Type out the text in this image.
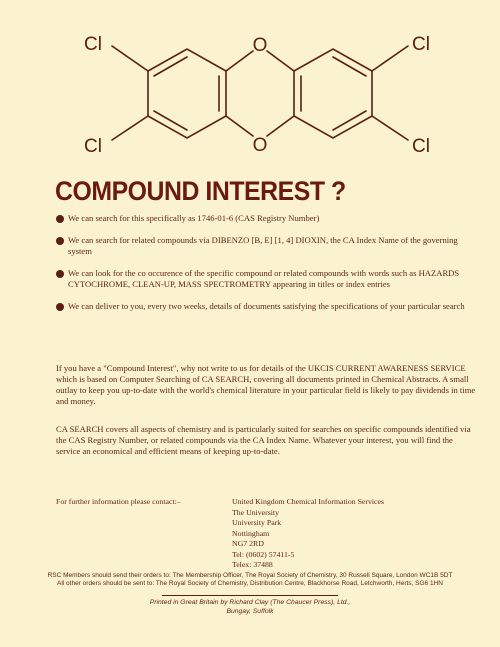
Cl
Cl
Cl
Cl
O
O
COMPOUND INTEREST ?
We can search for this specifically as 1746-01-6 (CAS Registry Number)
We can search for related compounds via DIBENZO [B, E] [1, 4] DIOXIN, the CA Index Name of the governing system
We can look for the co occurence of the specific compound or related compounds with words such as HAZARDS CYTOCHROME, CLEAN-UP, MASS SPECTROMETRY appearing in titles or index entries
We can deliver to you, every two weeks, details of documents satisfying the specifications of your particular search

If you have a "Compound Interest", why not write to us for details of the UKCIS CURRENT AWARENESS SERVICE which is based on Computer Searching of CA SEARCH, covering all documents printed in Chemical Abstracts. A small outlay to keep you up-to-date with the world's chemical literature in your particular field is likely to pay dividends in time and money.

CA SEARCH covers all aspects of chemistry and is particularly suited for searches on specific compounds identified via the CAS Registry Number, or related compounds via the CA Index Name. Whatever your interest, you will find the service an economical and efficient means of keeping up-to-date.

For further information please contact:–	United Kingdom Chemical Information Services
The University
University Park
Nottingham
NG7 2RD
Tel: (0602) 57411-5
Telex: 37488
RSC Members should send their orders to: The Membership Officer, The Royal Society of Chemistry, 30 Russell Square, London WC1B 5DT
All other orders should be sent to: The Royal Society of Chemistry, Distribution Centre, Blackhorse Road, Letchworth, Herts, SG6 1HN
Printed in Great Britain by Richard Clay (The Chaucer Press), Ltd.,
Bungay, Suffolk
